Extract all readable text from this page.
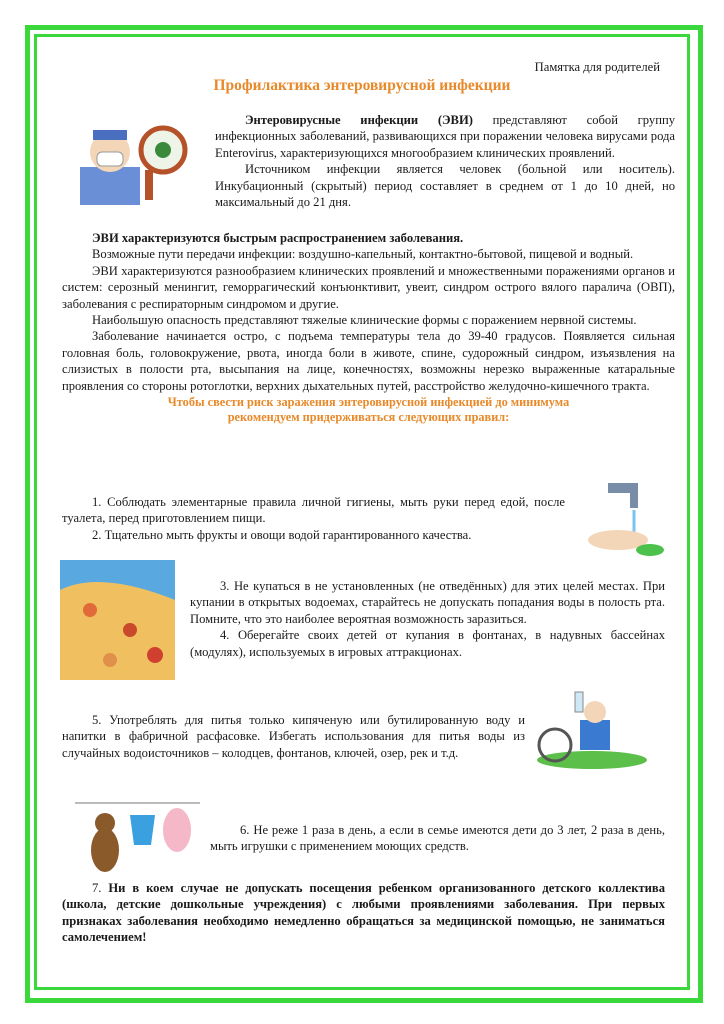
Памятка для родителей
Профилактика энтеровирусной инфекции

Энтеровирусные инфекции (ЭВИ) представляют собой группу инфекционных заболеваний, развивающихся при поражении человека вирусами рода Enterovirus, характеризующихся многообразием клинических проявлений.

Источником инфекции является человек (больной или носитель). Инкубационный (скрытый) период составляет в среднем от 1 до 10 дней, но максимальный до 21 дня.

ЭВИ характеризуются быстрым распространением заболевания.

Возможные пути передачи инфекции: воздушно-капельный, контактно-бытовой, пищевой и водный.

ЭВИ характеризуются разнообразием клинических проявлений и множественными поражениями органов и систем: серозный менингит, геморрагический конъюнктивит, увеит, синдром острого вялого паралича (ОВП), заболевания с респираторным синдромом и другие.

Наибольшую опасность представляют тяжелые клинические формы с поражением нервной системы.

Заболевание начинается остро, с подъема температуры тела до 39-40 градусов. Появляется сильная головная боль, головокружение, рвота, иногда боли в животе, спине, судорожный синдром, изъязвления на слизистых в полости рта, высыпания на лице, конечностях, возможны нерезко выраженные катаральные проявления со стороны ротоглотки, верхних дыхательных путей, расстройство желудочно-кишечного тракта.

Чтобы свести риск заражения энтеровирусной инфекцией до минимума

рекомендуем придерживаться следующих правил:

1. Соблюдать элементарные правила личной гигиены, мыть руки перед едой, после туалета, перед приготовлением пищи.

2. Тщательно мыть фрукты и овощи водой гарантированного качества.

3. Не купаться в не установленных (не отведённых) для этих целей местах. При купании в открытых водоемах, старайтесь не допускать попадания воды в полость рта. Помните, что это наиболее вероятная возможность заразиться.

4. Оберегайте своих детей от купания в фонтанах, в надувных бассейнах (модулях), используемых в игровых аттракционах.

5. Употреблять для питья только кипяченую или бутилированную воду и напитки в фабричной расфасовке. Избегать использования для питья воды из случайных водоисточников – колодцев, фонтанов, ключей, озер, рек и т.д.

6. Не реже 1 раза в день, а если в семье имеются дети до 3 лет, 2 раза в день, мыть игрушки с применением моющих средств.

7. Ни в коем случае не допускать посещения ребенком организованного детского коллектива (школа, детские дошкольные учреждения) с любыми проявлениями заболевания. При первых признаках заболевания необходимо немедленно обращаться за медицинской помощью, не заниматься самолечением!
